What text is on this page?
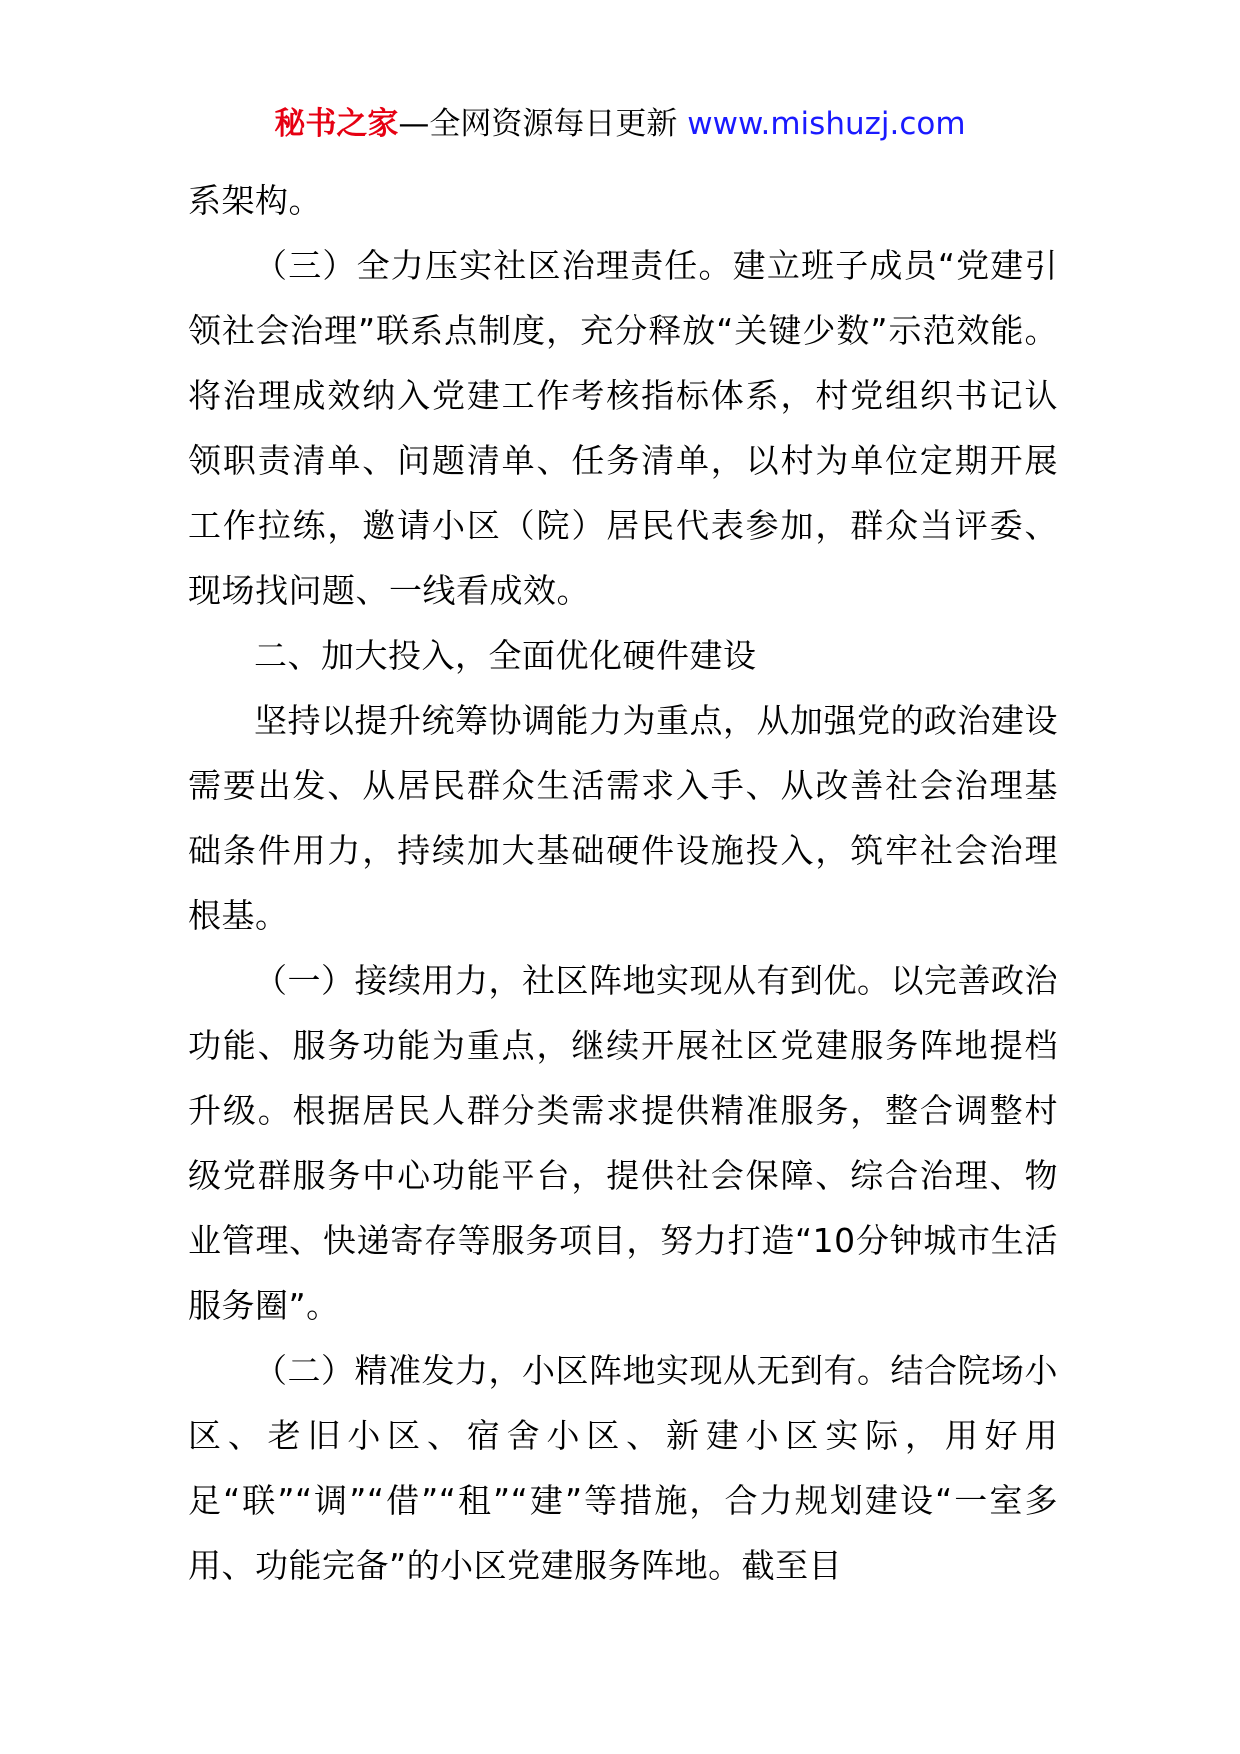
秘书之家—全网资源每日更新 www.mishuzj.com

系架构。

（三）全力压实社区治理责任。建立班子成员“党建引领社会治理”联系点制度，充分释放“关键少数”示范效能。将治理成效纳入党建工作考核指标体系，村党组织书记认领职责清单、问题清单、任务清单，以村为单位定期开展工作拉练，邀请小区（院）居民代表参加，群众当评委、现场找问题、一线看成效。

二、加大投入，全面优化硬件建设

坚持以提升统筹协调能力为重点，从加强党的政治建设需要出发、从居民群众生活需求入手、从改善社会治理基础条件用力，持续加大基础硬件设施投入，筑牢社会治理根基。

（一）接续用力，社区阵地实现从有到优。以完善政治功能、服务功能为重点，继续开展社区党建服务阵地提档升级。根据居民人群分类需求提供精准服务，整合调整村级党群服务中心功能平台，提供社会保障、综合治理、物业管理、快递寄存等服务项目，努力打造“10分钟城市生活服务圈”。

（二）精准发力，小区阵地实现从无到有。结合院场小区、老旧小区、宿舍小区、新建小区实际，用好用足“联”“调”“借”“租”“建”等措施，合力规划建设“一室多用、功能完备”的小区党建服务阵地。截至目
